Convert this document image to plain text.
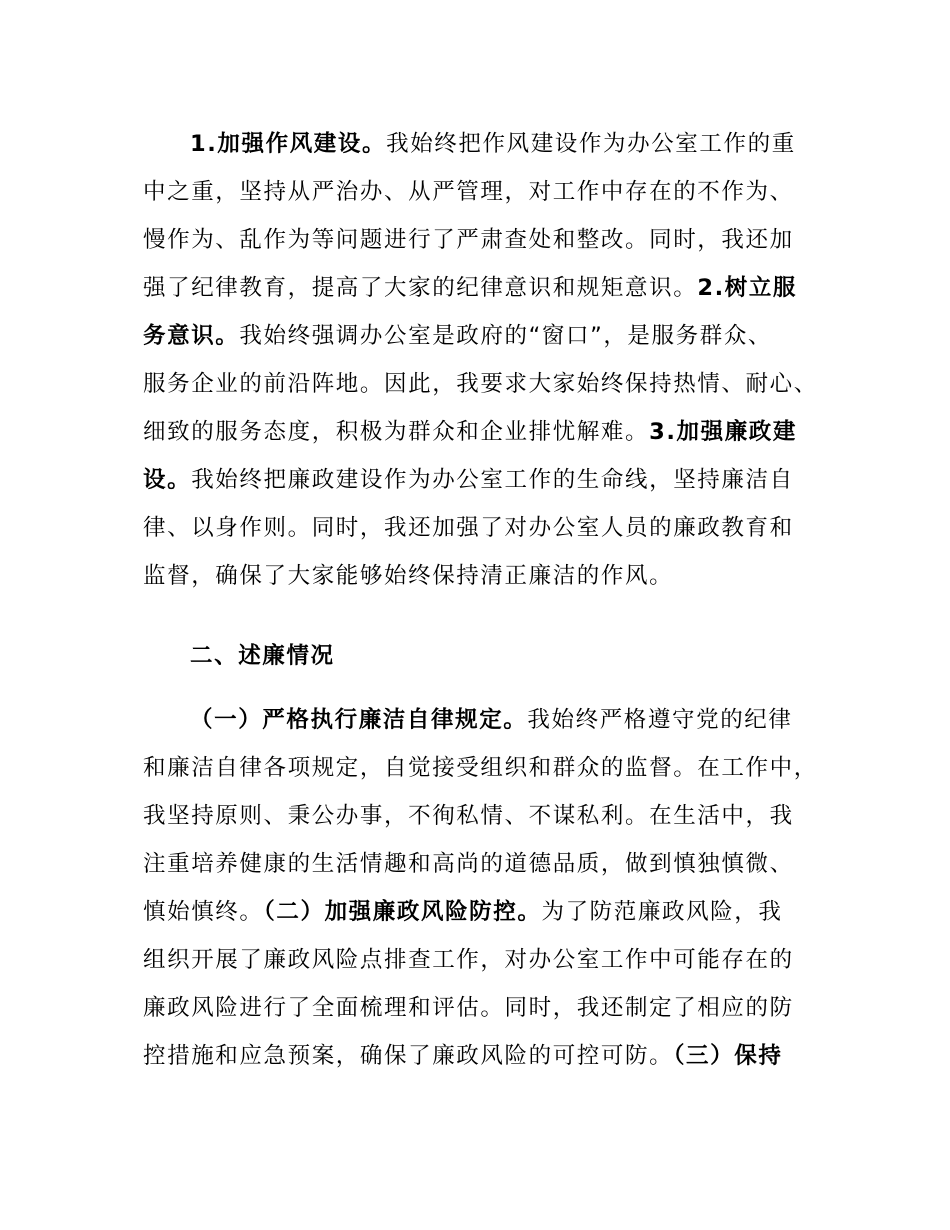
1.加强作风建设。我始终把作风建设作为办公室工作的重
中之重，坚持从严治办、从严管理，对工作中存在的不作为、
慢作为、乱作为等问题进行了严肃查处和整改。同时，我还加
强了纪律教育，提高了大家的纪律意识和规矩意识。2.树立服
务意识。我始终强调办公室是政府的“窗口”，是服务群众、
服务企业的前沿阵地。因此，我要求大家始终保持热情、耐心、
细致的服务态度，积极为群众和企业排忧解难。3.加强廉政建
设。我始终把廉政建设作为办公室工作的生命线，坚持廉洁自
律、以身作则。同时，我还加强了对办公室人员的廉政教育和
监督，确保了大家能够始终保持清正廉洁的作风。
二、述廉情况
（一）严格执行廉洁自律规定。我始终严格遵守党的纪律
和廉洁自律各项规定，自觉接受组织和群众的监督。在工作中，
我坚持原则、秉公办事，不徇私情、不谋私利。在生活中，我
注重培养健康的生活情趣和高尚的道德品质，做到慎独慎微、
慎始慎终。（二）加强廉政风险防控。为了防范廉政风险，我
组织开展了廉政风险点排查工作，对办公室工作中可能存在的
廉政风险进行了全面梳理和评估。同时，我还制定了相应的防
控措施和应急预案，确保了廉政风险的可控可防。（三）保持
